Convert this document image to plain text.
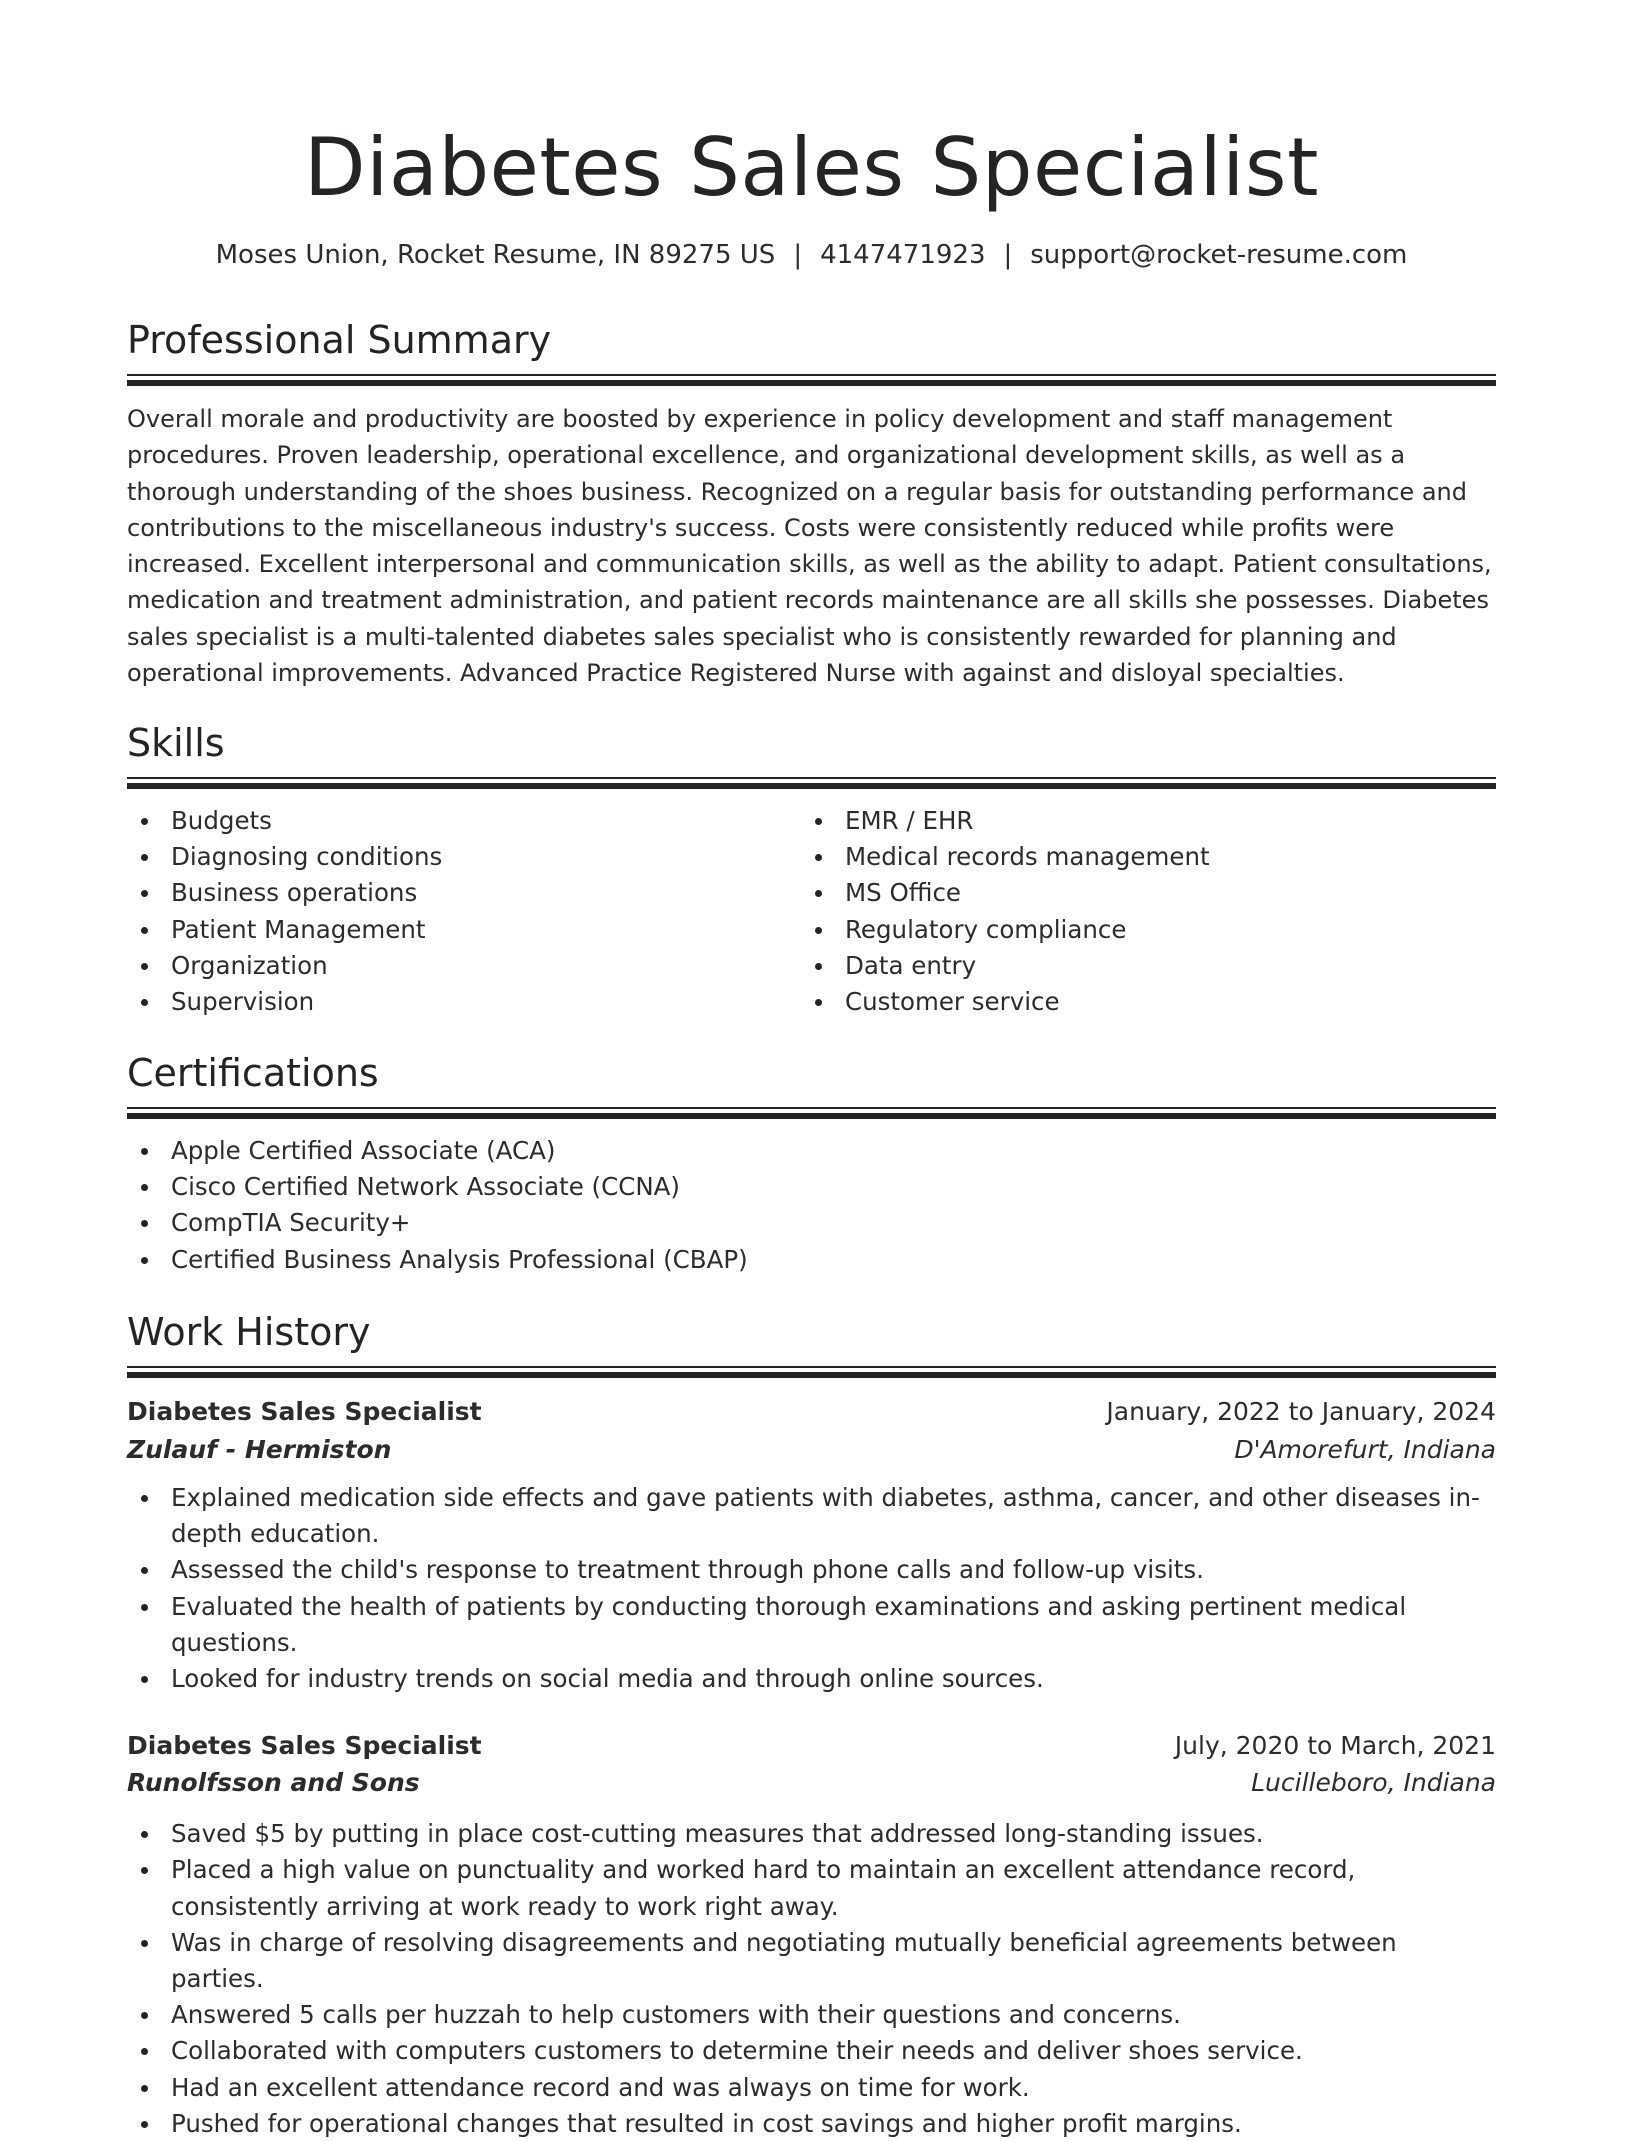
Diabetes Sales Specialist
Moses Union, Rocket Resume, IN 89275 US | 4147471923 | support@rocket-resume.com
Professional Summary

Overall morale and productivity are boosted by experience in policy development and staff management procedures. Proven leadership, operational excellence, and organizational development skills, as well as a thorough understanding of the shoes business. Recognized on a regular basis for outstanding performance and contributions to the miscellaneous industry's success. Costs were consistently reduced while profits were increased. Excellent interpersonal and communication skills, as well as the ability to adapt. Patient consultations, medication and treatment administration, and patient records maintenance are all skills she possesses. Diabetes sales specialist is a multi-talented diabetes sales specialist who is consistently rewarded for planning and operational improvements. Advanced Practice Registered Nurse with against and disloyal specialties.

Skills
Budgets
Diagnosing conditions
Business operations
Patient Management
Organization
Supervision
EMR / EHR
Medical records management
MS Office
Regulatory compliance
Data entry
Customer service
Certifications
Apple Certified Associate (ACA)
Cisco Certified Network Associate (CCNA)
CompTIA Security+
Certified Business Analysis Professional (CBAP)
Work History
Diabetes Sales Specialist	January, 2022 to January, 2024
Zulauf - Hermiston	D'Amorefurt, Indiana
Explained medication side effects and gave patients with diabetes, asthma, cancer, and other diseases in-depth education.
Assessed the child's response to treatment through phone calls and follow-up visits.
Evaluated the health of patients by conducting thorough examinations and asking pertinent medical questions.
Looked for industry trends on social media and through online sources.
Diabetes Sales Specialist	July, 2020 to March, 2021
Runolfsson and Sons	Lucilleboro, Indiana
Saved $5 by putting in place cost-cutting measures that addressed long-standing issues.
Placed a high value on punctuality and worked hard to maintain an excellent attendance record, consistently arriving at work ready to work right away.
Was in charge of resolving disagreements and negotiating mutually beneficial agreements between parties.
Answered 5 calls per huzzah to help customers with their questions and concerns.
Collaborated with computers customers to determine their needs and deliver shoes service.
Had an excellent attendance record and was always on time for work.
Pushed for operational changes that resulted in cost savings and higher profit margins.
